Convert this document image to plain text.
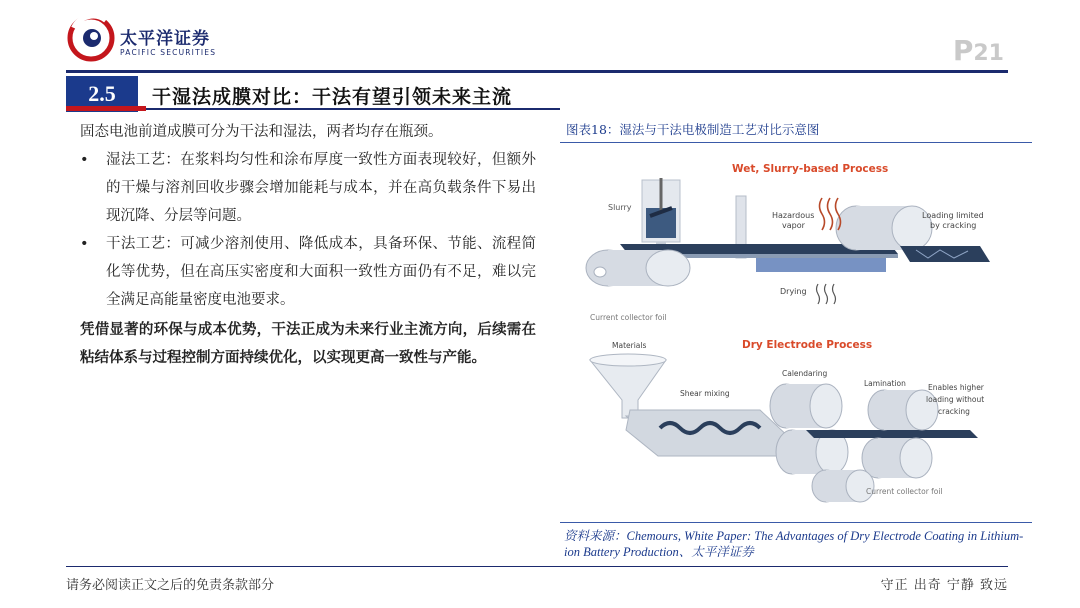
太平洋证券
PACIFIC SECURITIES	P21
2.5	干湿法成膜对比：干法有望引领未来主流
固态电池前道成膜可分为干法和湿法，两者均存在瓶颈。
•	湿法工艺：在浆料均匀性和涂布厚度一致性方面表现较好，但额外的干燥与溶剂回收步骤会增加能耗与成本，并在高负载条件下易出现沉降、分层等问题。
•	干法工艺：可减少溶剂使用、降低成本，具备环保、节能、流程简化等优势，但在高压实密度和大面积一致性方面仍有不足，难以完全满足高能量密度电池要求。
凭借显著的环保与成本优势，干法正成为未来行业主流方向，后续需在粘结体系与过程控制方面持续优化，以实现更高一致性与产能。
图表18：湿法与干法电极制造工艺对比示意图
Wet, Slurry-based Process
Slurry
Hazardous
vapor
Loading limited
by cracking
Drying
Current collector foil
Dry Electrode Process
Materials
Shear mixing
Calendaring
Lamination	Enables higher
loading without
cracking
Current collector foil
资料来源：Chemours, White Paper: The Advantages of Dry Electrode Coating in Lithium-ion Battery Production、太平洋证券
请务必阅读正文之后的免责条款部分	守正 出奇 宁静 致远
